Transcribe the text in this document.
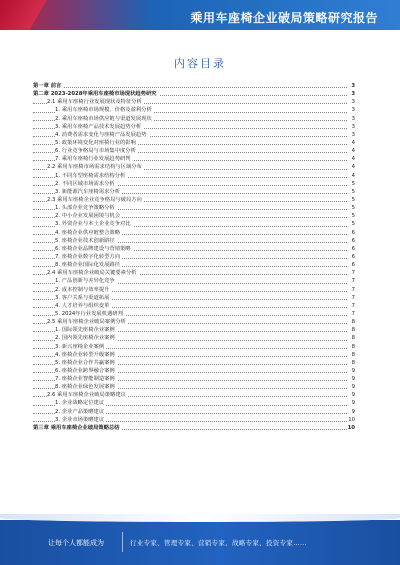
乘用车座椅企业破局策略研究报告
内容目录
第一章 前言	3
第二章 2023-2028年乘用车座椅市场现状趋势研究	3
2.1 乘用车座椅行业发展现状及特征分析	3
1. 乘用车座椅市场规模、价格及盈利分析	3
2. 乘用车座椅市场供应链与渠道发展现状	3
3. 乘用车座椅产品技术发展趋势分析	3
4. 消费者需求变化与座椅产品发展趋势	3
5. 政策环境变化对座椅行业的影响	4
6. 行业竞争格局与市场集中度分析	4
7. 乘用车座椅行业发展趋势研判	4
2.2 乘用车座椅市场需求结构与区域分布	4
1. 不同车型座椅需求结构分析	4
2. 不同区域市场需求分析	5
3. 新能源汽车座椅需求分析	5
2.3 乘用车座椅企业竞争格局与破局方向	5
1. 头部企业竞争策略分析	5
2. 中小企业发展困境与机会	5
3. 外资企业与本土企业竞争对比	5
4. 座椅企业供应链整合策略	6
5. 座椅企业技术创新路径	6
6. 座椅企业品牌建设与营销策略	6
7. 座椅企业数字化转型方向	6
8. 座椅企业国际化发展路径	6
2.4 乘用车座椅企业破局关键要素分析	7
1. 产品创新与差异化竞争	7
2. 成本控制与效率提升	7
3. 客户关系与渠道拓展	7
4. 人才培养与组织变革	7
5. 2024年行业发展机遇研判	7
2.5 乘用车座椅企业破局案例分析	8
1. 国际领先座椅企业案例	8
2. 国内领先座椅企业案例	8
3. 新兴座椅企业案例	8
4. 座椅企业转型升级案例	8
5. 座椅企业合作共赢案例	8
6. 座椅企业跨界融合案例	9
7. 座椅企业智能制造案例	9
8. 座椅企业绿色发展案例	9
2.6 乘用车座椅企业破局策略建议	9
1. 企业战略定位建议	9
2. 企业产品策略建议	9
3. 企业市场策略建议	10
第三章 乘用车座椅企业破局策略总结	10
让每个人都能成为	行业专家、管理专家、营销专家、战略专家、投资专家……
